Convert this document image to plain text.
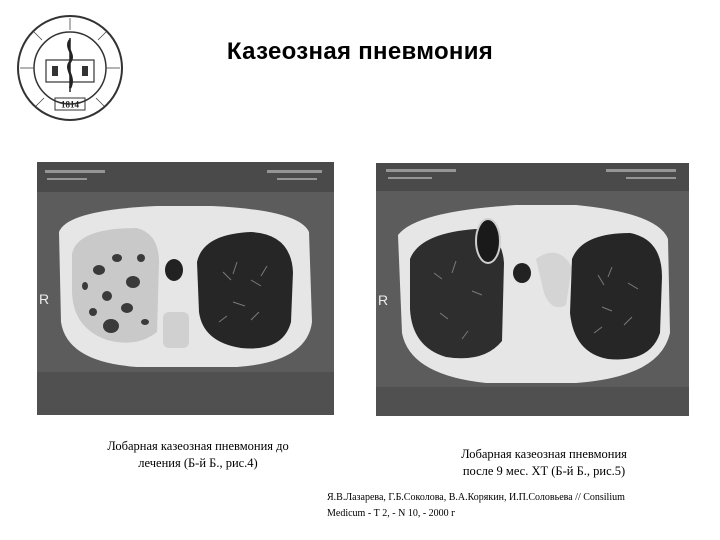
Казеозная пневмония
1814
R	R
Лобарная казеозная пневмония до
лечения (Б-й Б., рис.4)
Лобарная казеозная пневмония
после 9 мес. ХТ (Б-й Б., рис.5)
Я.В.Лазарева, Г.Б.Соколова, В.А.Корякин, И.П.Соловьева // Consilium
Medicum - Т 2, - N 10, - 2000 г
